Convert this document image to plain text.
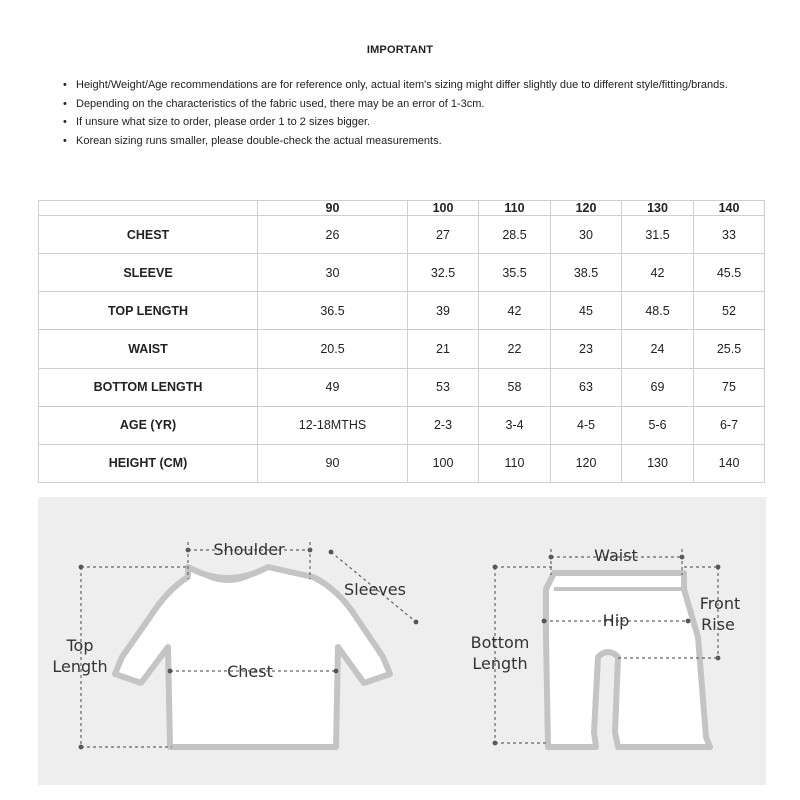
IMPORTANT
• Height/Weight/Age recommendations are for reference only, actual item's sizing might differ slightly due to different style/fitting/brands.
• Depending on the characteristics of the fabric used, there may be an error of 1-3cm.
• If unsure what size to order, please order 1 to 2 sizes bigger.
• Korean sizing runs smaller, please double-check the actual measurements.
	90	100	110	120	130	140
CHEST	26	27	28.5	30	31.5	33
SLEEVE	30	32.5	35.5	38.5	42	45.5
TOP LENGTH	36.5	39	42	45	48.5	52
WAIST	20.5	21	22	23	24	25.5
BOTTOM LENGTH	49	53	58	63	69	75
AGE (YR)	12-18MTHS	2-3	3-4	4-5	5-6	6-7
HEIGHT (CM)	90	100	110	120	130	140
Shoulder
Sleeves
Top
Length	Chest
Waist
Hip
Front
Rise
Bottom
Length
